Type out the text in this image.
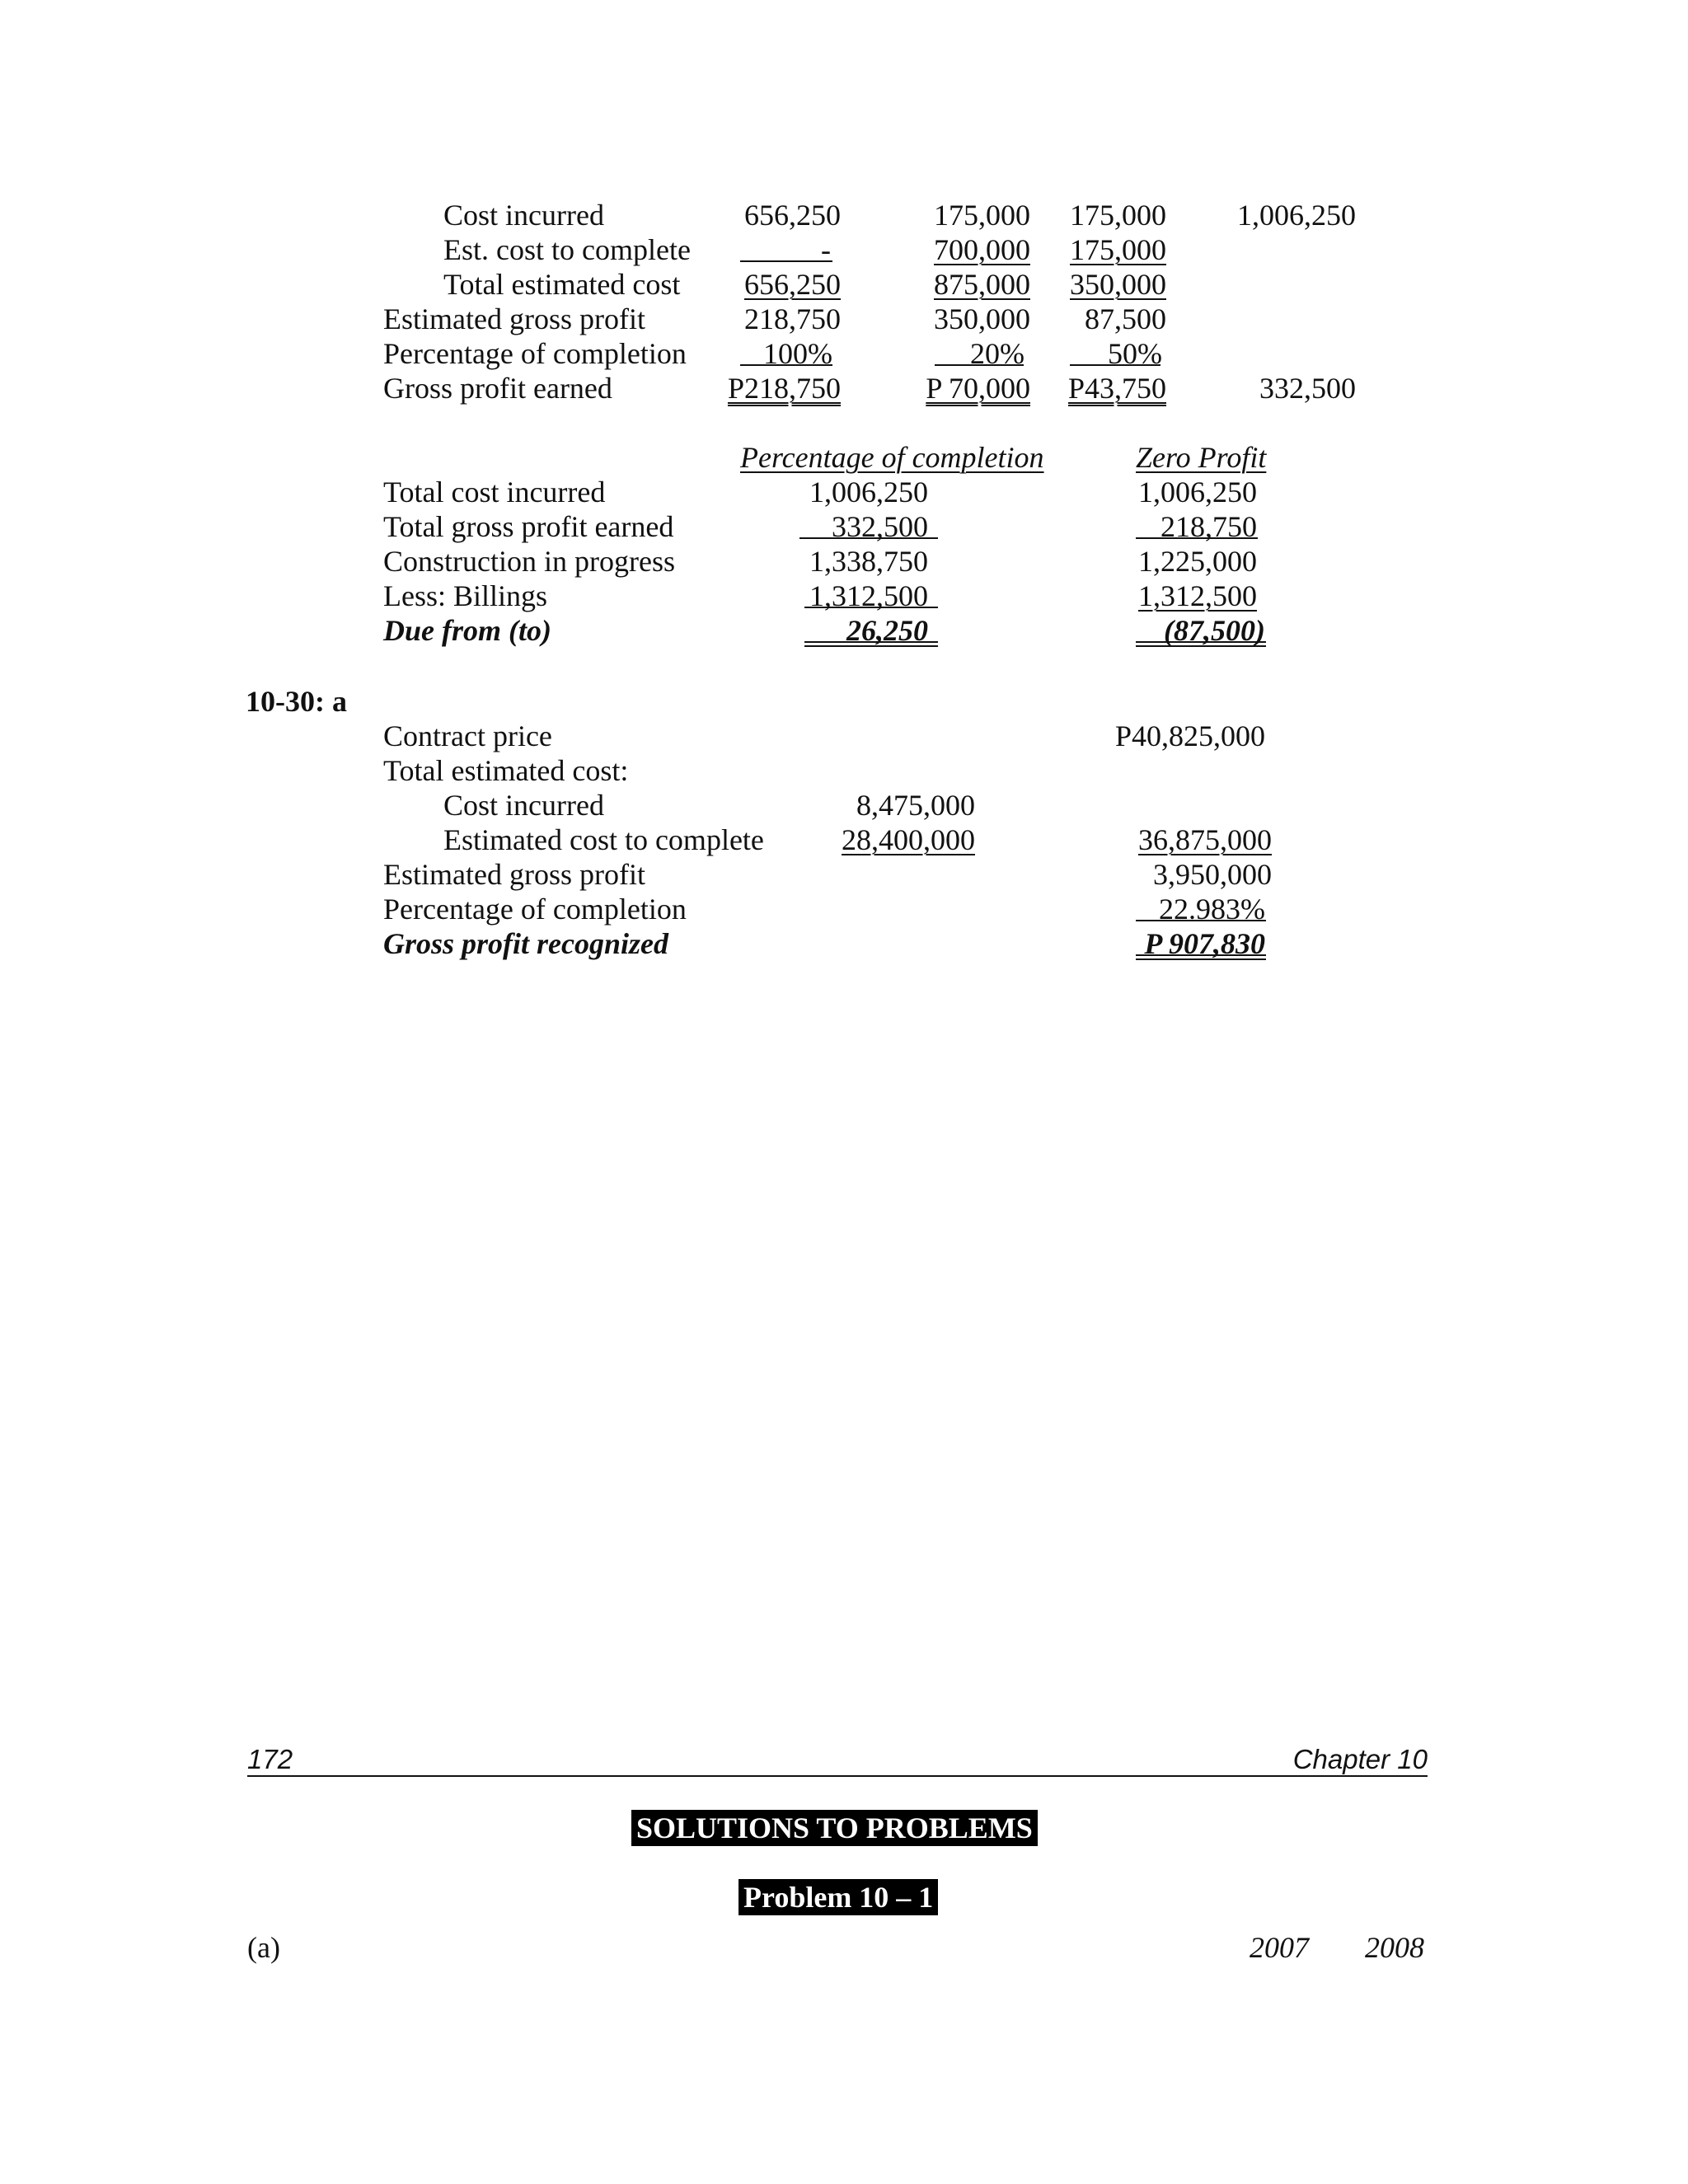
Cost incurred	656,250	175,000	175,000	1,006,250
Est. cost to complete	-	700,000	175,000
Total estimated cost	656,250	875,000	350,000
Estimated gross profit	218,750	350,000	87,500
Percentage of completion	100%	20%	50%
Gross profit earned	P218,750	P 70,000	P43,750	332,500
Percentage of completion	Zero Profit
Total cost incurred	1,006,250	1,006,250
Total gross profit earned	332,500	218,750
Construction in progress	1,338,750	1,225,000
Less: Billings	1,312,500	1,312,500
Due from (to)	26,250	(87,500)
10-30: a
Contract price	P40,825,000
Total estimated cost:
Cost incurred	8,475,000
Estimated cost to complete	28,400,000	36,875,000
Estimated gross profit	3,950,000
Percentage of completion	22.983%
Gross profit recognized	P 907,830
172	Chapter 10
SOLUTIONS TO PROBLEMS
Problem 10 – 1
(a)	2007 2008
